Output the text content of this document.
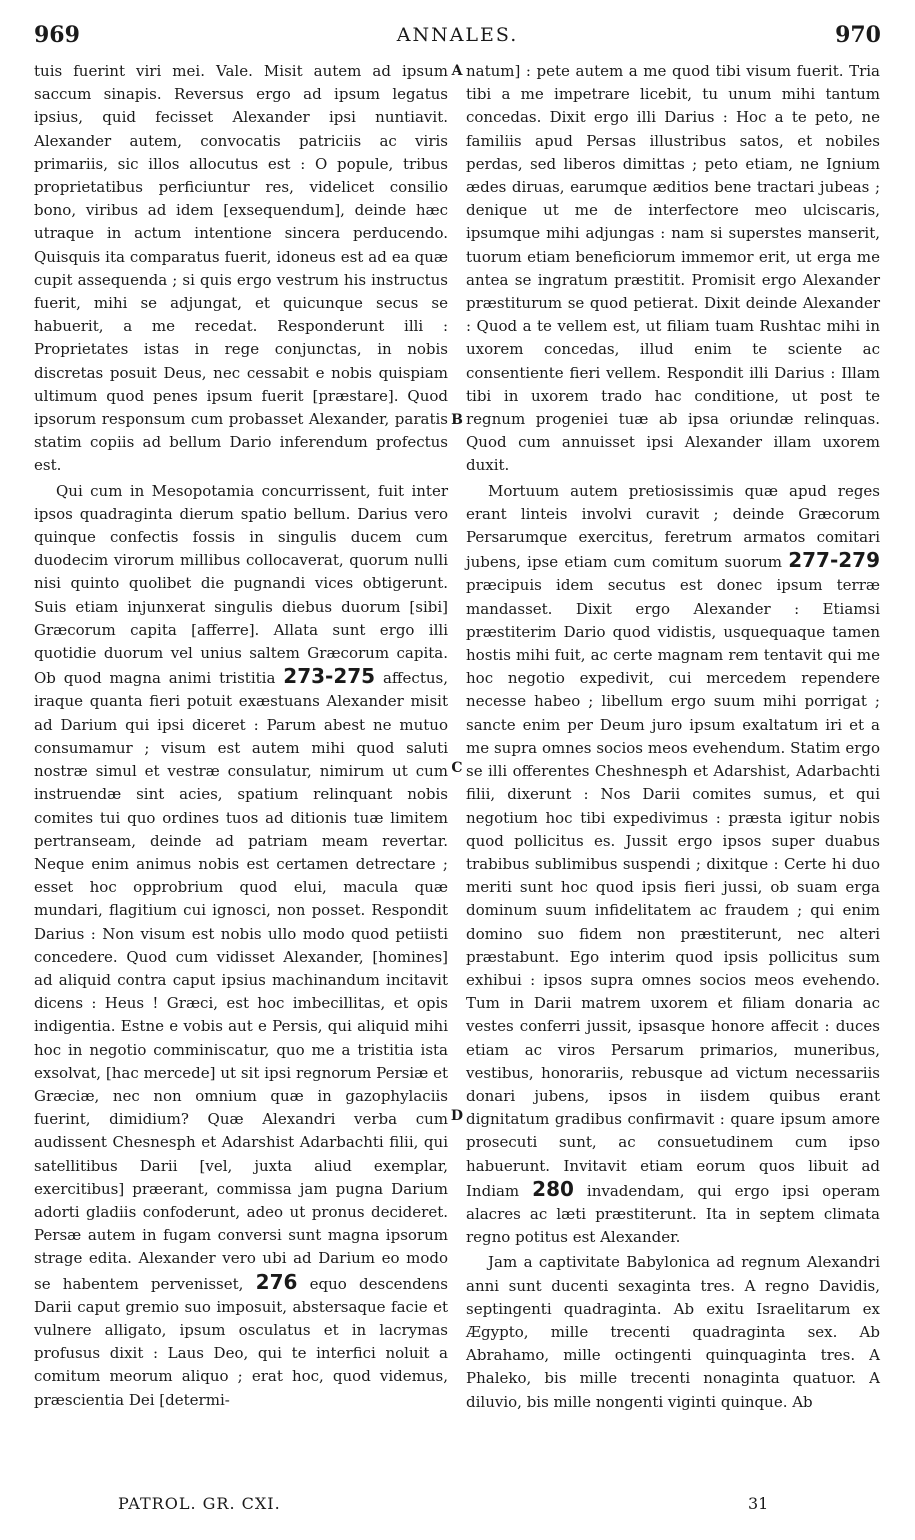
969	ANNALES.	970

tuis fuerint viri mei. Vale. Misit autem ad ipsum saccum sinapis. Reversus ergo ad ipsum legatus ipsius, quid fecisset Alexander ipsi nuntiavit. Alexander autem, convocatis patriciis ac viris primariis, sic illos allocutus est : O popule, tribus proprietatibus perficiuntur res, videlicet consilio bono, viribus ad idem [exsequendum], deinde hæc utraque in actum intentione sincera perducendo. Quisquis ita comparatus fuerit, idoneus est ad ea quæ cupit assequenda ; si quis ergo vestrum his instructus fuerit, mihi se adjungat, et quicunque secus se habuerit, a me recedat. Responderunt illi : Proprietates istas in rege conjunctas, in nobis discretas posuit Deus, nec cessabit e nobis quispiam ultimum quod penes ipsum fuerit [præstare]. Quod ipsorum responsum cum probasset Alexander, paratis statim copiis ad bellum Dario inferendum profectus est.

Qui cum in Mesopotamia concurrissent, fuit inter ipsos quadraginta dierum spatio bellum. Darius vero quinque confectis fossis in singulis ducem cum duodecim virorum millibus collocaverat, quorum nulli nisi quinto quolibet die pugnandi vices obtigerunt. Suis etiam injunxerat singulis diebus duorum [sibi] Græcorum capita [afferre]. Allata sunt ergo illi quotidie duorum vel unius saltem Græcorum capita. Ob quod magna animi tristitia 273-275 affectus, iraque quanta fieri potuit exæstuans Alexander misit ad Darium qui ipsi diceret : Parum abest ne mutuo consumamur ; visum est autem mihi quod saluti nostræ simul et vestræ consulatur, nimirum ut cum instruendæ sint acies, spatium relinquant nobis comites tui quo ordines tuos ad ditionis tuæ limitem pertranseam, deinde ad patriam meam revertar. Neque enim animus nobis est certamen detrectare ; esset hoc opprobrium quod elui, macula quæ mundari, flagitium cui ignosci, non posset. Respondit Darius : Non visum est nobis ullo modo quod petiisti concedere. Quod cum vidisset Alexander, [homines] ad aliquid contra caput ipsius machinandum incitavit dicens : Heus ! Græci, est hoc imbecillitas, et opis indigentia. Estne e vobis aut e Persis, qui aliquid mihi hoc in negotio comminiscatur, quo me a tristitia ista exsolvat, [hac mercede] ut sit ipsi regnorum Persiæ et Græciæ, nec non omnium quæ in gazophylaciis fuerint, dimidium? Quæ Alexandri verba cum audissent Chesnesph et Adarshist Adarbachti filii, qui satellitibus Darii [vel, juxta aliud exemplar, exercitibus] præerant, commissa jam pugna Darium adorti gladiis confoderunt, adeo ut pronus decideret. Persæ autem in fugam conversi sunt magna ipsorum strage edita. Alexander vero ubi ad Darium eo modo se habentem pervenisset, 276 equo descendens Darii caput gremio suo imposuit, abstersaque facie et vulnere alligato, ipsum osculatus et in lacrymas profusus dixit : Laus Deo, qui te interfici noluit a comitum meorum aliquo ; erat hoc, quod videmus, præscientia Dei [determi-

natum] : pete autem a me quod tibi visum fuerit. Tria tibi a me impetrare licebit, tu unum mihi tantum concedas. Dixit ergo illi Darius : Hoc a te peto, ne familiis apud Persas illustribus satos, et nobiles perdas, sed liberos dimittas ; peto etiam, ne Ignium ædes diruas, earumque æditios bene tractari jubeas ; denique ut me de interfectore meo ulciscaris, ipsumque mihi adjungas : nam si superstes manserit, tuorum etiam beneficiorum immemor erit, ut erga me antea se ingratum præstitit. Promisit ergo Alexander præstiturum se quod petierat. Dixit deinde Alexander : Quod a te vellem est, ut filiam tuam Rushtac mihi in uxorem concedas, illud enim te sciente ac consentiente fieri vellem. Respondit illi Darius : Illam tibi in uxorem trado hac conditione, ut post te regnum progeniei tuæ ab ipsa oriundæ relinquas. Quod cum annuisset ipsi Alexander illam uxorem duxit.

Mortuum autem pretiosissimis quæ apud reges erant linteis involvi curavit ; deinde Græcorum Persarumque exercitus, feretrum armatos comitari jubens, ipse etiam cum comitum suorum 277-279 præcipuis idem secutus est donec ipsum terræ mandasset. Dixit ergo Alexander : Etiamsi præstiterim Dario quod vidistis, usquequaque tamen hostis mihi fuit, ac certe magnam rem tentavit qui me hoc negotio expedivit, cui mercedem rependere necesse habeo ; libellum ergo suum mihi porrigat ; sancte enim per Deum juro ipsum exaltatum iri et a me supra omnes socios meos evehendum. Statim ergo se illi offerentes Cheshnesph et Adarshist, Adarbachti filii, dixerunt : Nos Darii comites sumus, et qui negotium hoc tibi expedivimus : præsta igitur nobis quod pollicitus es. Jussit ergo ipsos super duabus trabibus sublimibus suspendi ; dixitque : Certe hi duo meriti sunt hoc quod ipsis fieri jussi, ob suam erga dominum suum infidelitatem ac fraudem ; qui enim domino suo fidem non præstiterunt, nec alteri præstabunt. Ego interim quod ipsis pollicitus sum exhibui : ipsos supra omnes socios meos evehendo. Tum in Darii matrem uxorem et filiam donaria ac vestes conferri jussit, ipsasque honore affecit : duces etiam ac viros Persarum primarios, muneribus, vestibus, honorariis, rebusque ad victum necessariis donari jubens, ipsos in iisdem quibus erant dignitatum gradibus confirmavit : quare ipsum amore prosecuti sunt, ac consuetudinem cum ipso habuerunt. Invitavit etiam eorum quos libuit ad Indiam 280 invadendam, qui ergo ipsi operam alacres ac læti præstiterunt. Ita in septem climata regno potitus est Alexander.

Jam a captivitate Babylonica ad regnum Alexandri anni sunt ducenti sexaginta tres. A regno Davidis, septingenti quadraginta. Ab exitu Israelitarum ex Ægypto, mille trecenti quadraginta sex. Ab Abrahamo, mille octingenti quinquaginta tres. A Phaleko, bis mille trecenti nonaginta quatuor. A diluvio, bis mille nongenti viginti quinque. Ab

A
B
C
D
PATROL. GR. CXI.	31
